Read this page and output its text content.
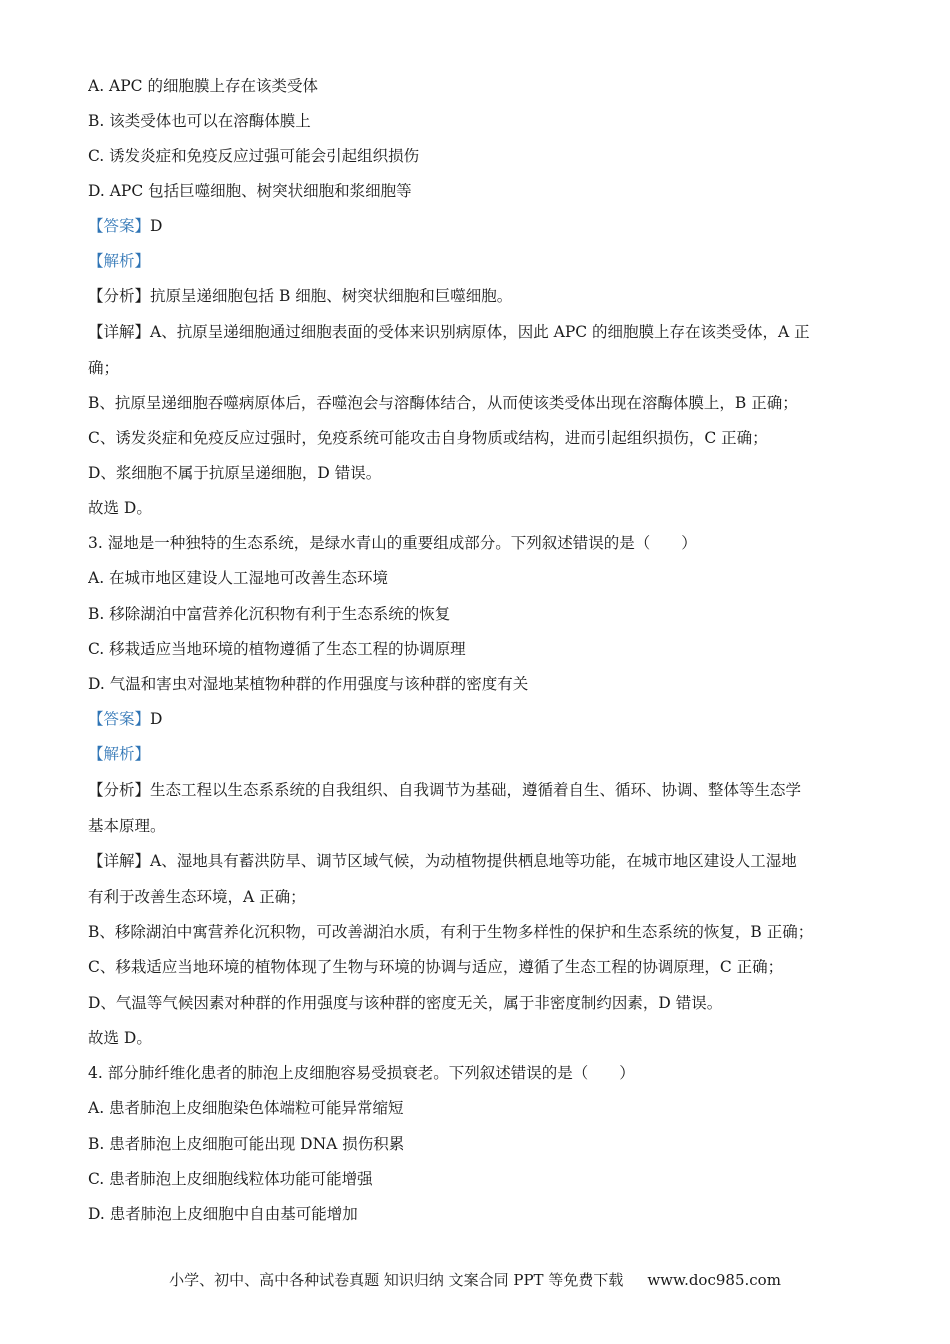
A. APC 的细胞膜上存在该类受体
B. 该类受体也可以在溶酶体膜上
C. 诱发炎症和免疫反应过强可能会引起组织损伤
D. APC 包括巨噬细胞、树突状细胞和浆细胞等
【答案】D
【解析】
【分析】抗原呈递细胞包括 B 细胞、树突状细胞和巨噬细胞。
【详解】A、抗原呈递细胞通过细胞表面的受体来识别病原体，因此 APC 的细胞膜上存在该类受体，A 正
确；
B、抗原呈递细胞吞噬病原体后，吞噬泡会与溶酶体结合，从而使该类受体出现在溶酶体膜上，B 正确；
C、诱发炎症和免疫反应过强时，免疫系统可能攻击自身物质或结构，进而引起组织损伤，C 正确；
D、浆细胞不属于抗原呈递细胞，D 错误。
故选 D。
3. 湿地是一种独特的生态系统，是绿水青山的重要组成部分。下列叙述错误的是（　　）
A. 在城市地区建设人工湿地可改善生态环境
B. 移除湖泊中富营养化沉积物有利于生态系统的恢复
C. 移栽适应当地环境的植物遵循了生态工程的协调原理
D. 气温和害虫对湿地某植物种群的作用强度与该种群的密度有关
【答案】D
【解析】
【分析】生态工程以生态系系统的自我组织、自我调节为基础，遵循着自生、循环、协调、整体等生态学
基本原理。
【详解】A、湿地具有蓄洪防旱、调节区域气候，为动植物提供栖息地等功能，在城市地区建设人工湿地
有利于改善生态环境，A 正确；
B、移除湖泊中寓营养化沉积物，可改善湖泊水质，有利于生物多样性的保护和生态系统的恢复，B 正确；
C、移栽适应当地环境的植物体现了生物与环境的协调与适应，遵循了生态工程的协调原理，C 正确；
D、气温等气候因素对种群的作用强度与该种群的密度无关，属于非密度制约因素，D 错误。
故选 D。
4. 部分肺纤维化患者的肺泡上皮细胞容易受损衰老。下列叙述错误的是（　　）
A. 患者肺泡上皮细胞染色体端粒可能异常缩短
B. 患者肺泡上皮细胞可能出现 DNA 损伤积累
C. 患者肺泡上皮细胞线粒体功能可能增强
D. 患者肺泡上皮细胞中自由基可能增加
小学、初中、高中各种试卷真题 知识归纳 文案合同 PPT 等免费下载 www.doc985.com
